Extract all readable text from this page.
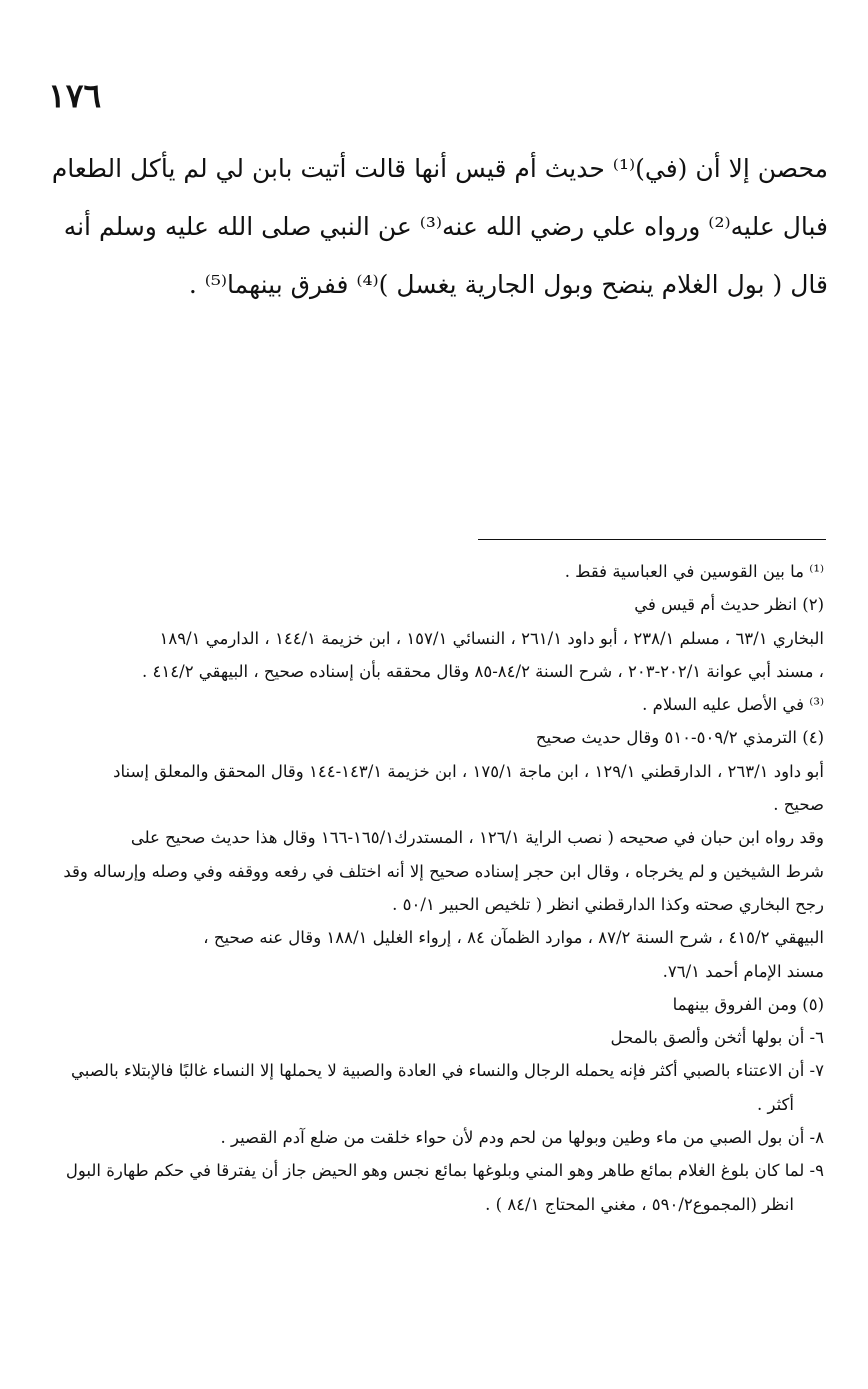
١٧٦
محصن إلا أن (في)⁽¹⁾ حديث أم قيس أنها قالت أتيت بابن لي لم يأكل الطعام
فبال عليه⁽²⁾ ورواه علي رضي الله عنه⁽³⁾ عن النبي صلى الله عليه وسلم أنه
قال ( بول الغلام ينضح وبول الجارية يغسل )⁽⁴⁾ ففرق بينهما⁽⁵⁾ .
⁽¹⁾ ما بين القوسين في العباسية فقط .
(٢) انظر حديث أم قيس في
البخاري ٦٣/١ ، مسلم ٢٣٨/١ ، أبو داود ٢٦١/١ ، النسائي ١٥٧/١ ، ابن خزيمة ١٤٤/١ ، الدارمي ١٨٩/١
، مسند أبي عوانة ٢٠٢/١-٢٠٣ ، شرح السنة ٨٤/٢-٨٥ وقال محققه بأن إسناده صحيح ، البيهقي ٤١٤/٢ .
⁽³⁾ في الأصل عليه السلام .
(٤) الترمذي ٥٠٩/٢-٥١٠ وقال حديث صحيح
أبو داود ٢٦٣/١ ، الدارقطني ١٢٩/١ ، ابن ماجة ١٧٥/١ ، ابن خزيمة ١٤٣/١-١٤٤ وقال المحقق والمعلق إسناد
صحيح .
وقد رواه ابن حبان في صحيحه ( نصب الراية ١٢٦/١ ، المستدرك١٦٥/١-١٦٦ وقال هذا حديث صحيح على
شرط الشيخين و لم يخرجاه ، وقال ابن حجر إسناده صحيح إلا أنه اختلف في رفعه ووقفه وفي وصله وإرساله وقد
رجح البخاري صحته وكذا الدارقطني انظر ( تلخيص الحبير ٥٠/١ .
البيهقي ٤١٥/٢ ، شرح السنة ٨٧/٢ ، موارد الظمآن ٨٤ ، إرواء الغليل ١٨٨/١ وقال عنه صحيح ،
مسند الإمام أحمد ٧٦/١.
(٥) ومن الفروق بينهما
٦- أن بولها أثخن وألصق بالمحل
٧- أن الاعتناء بالصبي أكثر فإنه يحمله الرجال والنساء في العادة والصبية لا يحملها إلا النساء غالبًا فالإبتلاء بالصبي
أكثر .
٨- أن بول الصبي من ماء وطين وبولها من لحم ودم لأن حواء خلقت من ضلع آدم القصير .
٩- لما كان بلوغ الغلام بمائع طاهر وهو المني وبلوغها بمائع نجس وهو الحيض جاز أن يفترقا في حكم طهارة البول
انظر (المجموع٥٩٠/٢ ، مغني المحتاج ٨٤/١ ) .
